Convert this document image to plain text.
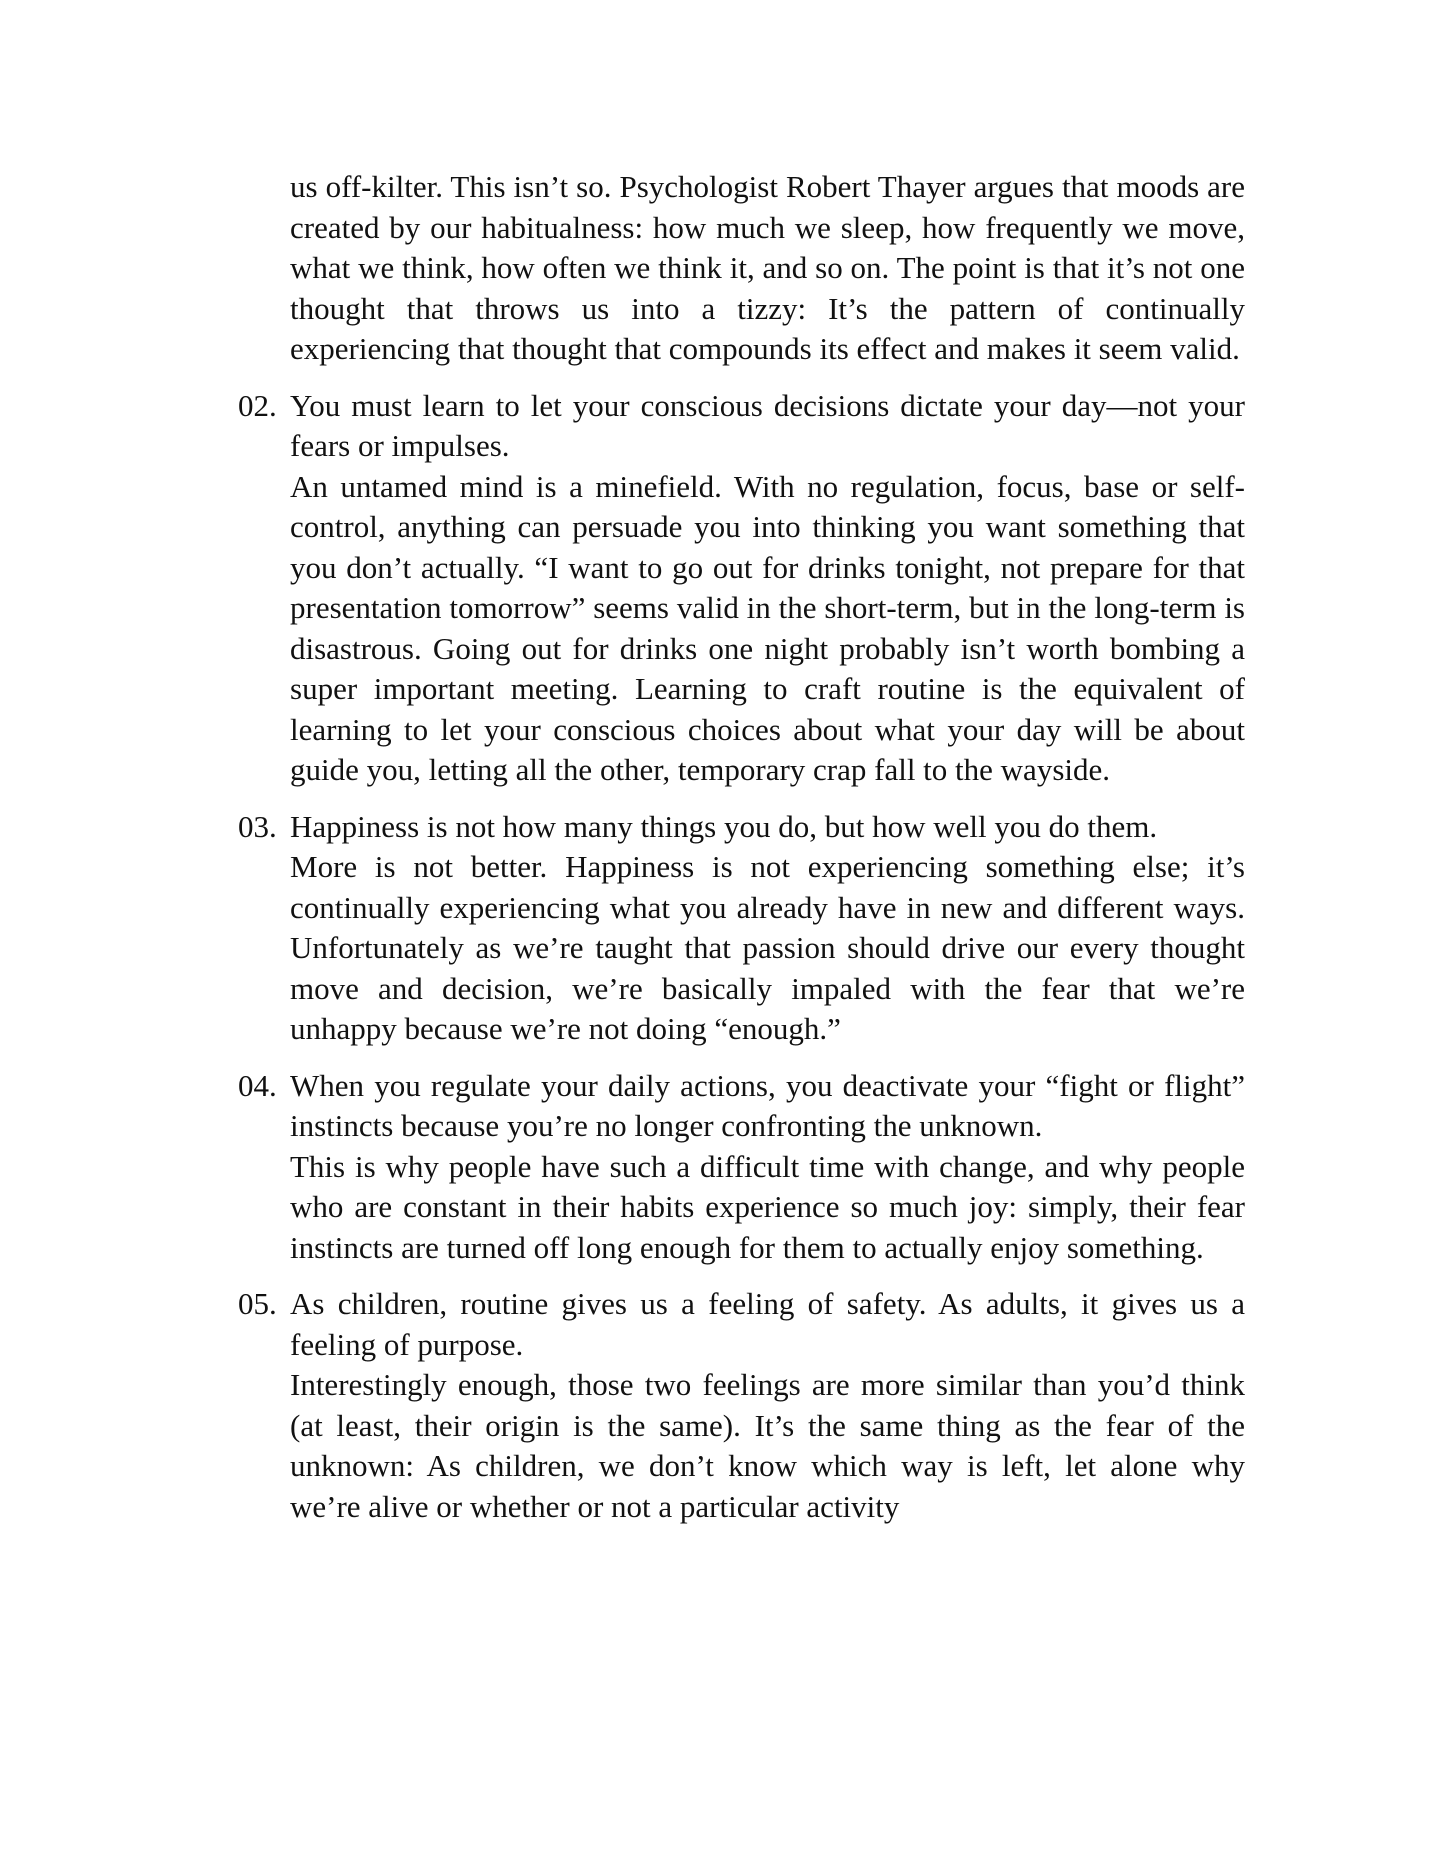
us off-kilter. This isn’t so. Psychologist Robert Thayer argues that moods are created by our habitualness: how much we sleep, how frequently we move, what we think, how often we think it, and so on. The point is that it’s not one thought that throws us into a tizzy: It’s the pattern of continually experiencing that thought that compounds its effect and makes it seem valid.

02. You must learn to let your conscious decisions dictate your day—not your fears or impulses.

An untamed mind is a minefield. With no regulation, focus, base or self-control, anything can persuade you into thinking you want something that you don’t actually. “I want to go out for drinks tonight, not prepare for that presentation tomorrow” seems valid in the short-term, but in the long-term is disastrous. Going out for drinks one night probably isn’t worth bombing a super important meeting. Learning to craft routine is the equivalent of learning to let your conscious choices about what your day will be about guide you, letting all the other, temporary crap fall to the wayside.

03. Happiness is not how many things you do, but how well you do them.

More is not better. Happiness is not experiencing something else; it’s continually experiencing what you already have in new and different ways. Unfortunately as we’re taught that passion should drive our every thought move and decision, we’re basically impaled with the fear that we’re unhappy because we’re not doing “enough.”

04. When you regulate your daily actions, you deactivate your “fight or flight” instincts because you’re no longer confronting the unknown.

This is why people have such a difficult time with change, and why people who are constant in their habits experience so much joy: simply, their fear instincts are turned off long enough for them to actually enjoy something.

05. As children, routine gives us a feeling of safety. As adults, it gives us a feeling of purpose.

Interestingly enough, those two feelings are more similar than you’d think (at least, their origin is the same). It’s the same thing as the fear of the unknown: As children, we don’t know which way is left, let alone why we’re alive or whether or not a particular activity
